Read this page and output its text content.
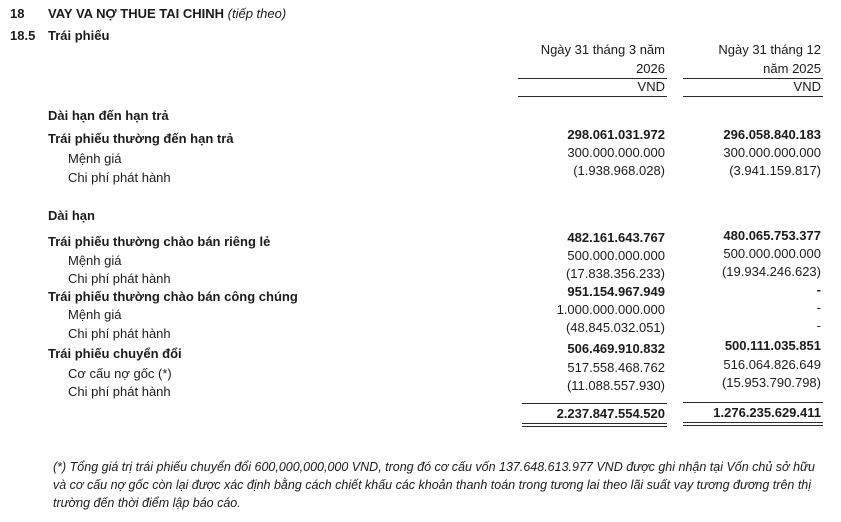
18 VAY VA NỢ THUE TAI CHINH (tiếp theo)
18.5 Trái phiếu
Ngày 31 tháng 3 năm
2026
Ngày 31 tháng 12
năm 2025
VND	VND
Dài hạn đến hạn trả
Trái phiếu thường đến hạn trả	298.061.031.972	296.058.840.183
Mệnh giá	300.000.000.000	300.000.000.000
Chi phí phát hành	(1.938.968.028)	(3.941.159.817)
Dài hạn
Trái phiếu thường chào bán riêng lẻ	482.161.643.767	480.065.753.377
Mệnh giá	500.000.000.000	500.000.000.000
Chi phí phát hành	(17.838.356.233)	(19.934.246.623)
Trái phiếu thường chào bán công chúng	951.154.967.949	-
Mệnh giá	1.000.000.000.000	-
Chi phí phát hành	(48.845.032.051)	-
Trái phiếu chuyển đổi	506.469.910.832	500.111.035.851
Cơ cấu nợ gốc (*)	517.558.468.762	516.064.826.649
Chi phí phát hành	(11.088.557.930)	(15.953.790.798)
2.237.847.554.520	1.276.235.629.411
(*) Tổng giá trị trái phiếu chuyển đổi 600,000,000,000 VND, trong đó cơ cấu vốn 137.648.613.977 VND được ghi nhận tại Vốn chủ sở hữu và cơ cấu nợ gốc còn lại được xác định bằng cách chiết khấu các khoản thanh toán trong tương lai theo lãi suất vay tương đương trên thị trường đến thời điểm lập báo cáo.
